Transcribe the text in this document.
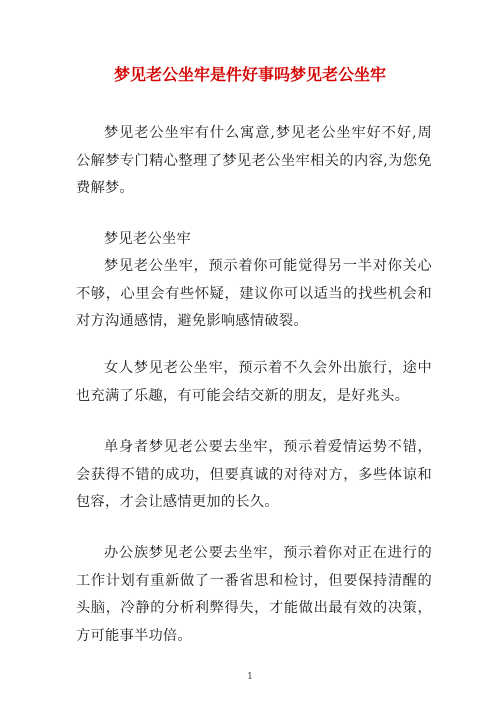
梦见老公坐牢是件好事吗梦见老公坐牢

梦见老公坐牢有什么寓意,梦见老公坐牢好不好,周公解梦专门精心整理了梦见老公坐牢相关的内容,为您免费解梦。

梦见老公坐牢

梦见老公坐牢，预示着你可能觉得另一半对你关心不够，心里会有些怀疑，建议你可以适当的找些机会和对方沟通感情，避免影响感情破裂。

女人梦见老公坐牢，预示着不久会外出旅行，途中也充满了乐趣，有可能会结交新的朋友，是好兆头。

单身者梦见老公要去坐牢，预示着爱情运势不错，会获得不错的成功，但要真诚的对待对方，多些体谅和包容，才会让感情更加的长久。

办公族梦见老公要去坐牢，预示着你对正在进行的工作计划有重新做了一番省思和检讨，但要保持清醒的头脑，冷静的分析利弊得失，才能做出最有效的决策，方可能事半功倍。

1
